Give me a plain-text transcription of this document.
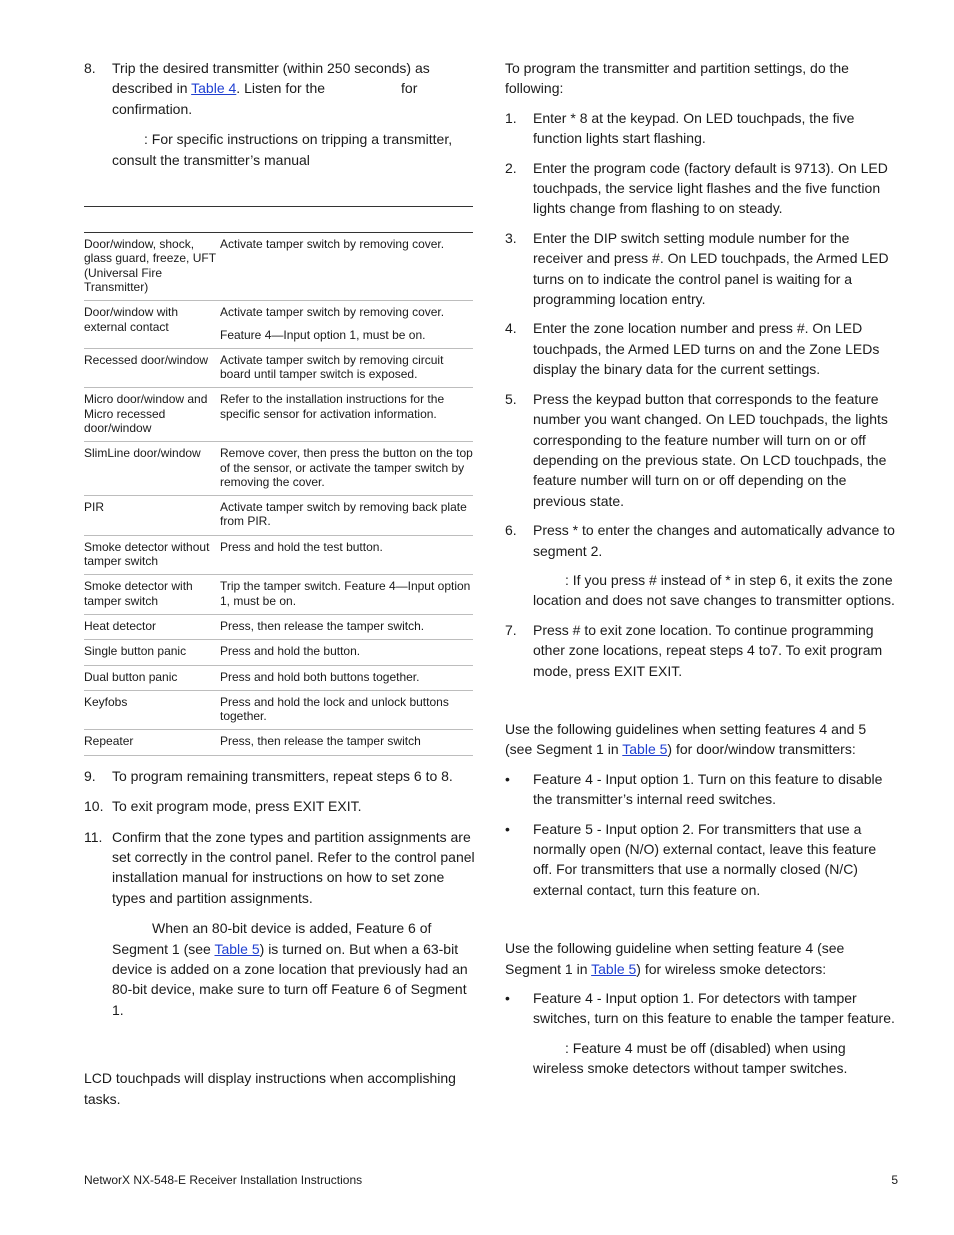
8. Trip the desired transmitter (within 250 seconds) as
described in Table 4. Listen for the	for
confirmation.

: For specific instructions on tripping a transmitter, consult the transmitter’s manual

Door/window, shock, glass guard, freeze, UFT (Universal Fire Transmitter)	Activate tamper switch by removing cover.
Door/window with external contact	Activate tamper switch by removing cover.
Feature 4—Input option 1, must be on.

Recessed door/window	Activate tamper switch by removing circuit board until tamper switch is exposed.
Micro door/window and Micro recessed door/window	Refer to the installation instructions for the specific sensor for activation information.
SlimLine door/window	Remove cover, then press the button on the top of the sensor, or activate the tamper switch by removing the cover.
PIR	Activate tamper switch by removing back plate from PIR.
Smoke detector without tamper switch	Press and hold the test button.
Smoke detector with tamper switch	Trip the tamper switch. Feature 4—Input option 1, must be on.
Heat detector	Press, then release the tamper switch.
Single button panic	Press and hold the button.
Dual button panic	Press and hold both buttons together.
Keyfobs	Press and hold the lock and unlock buttons together.
Repeater	Press, then release the tamper switch
9. To program remaining transmitters, repeat steps 6 to 8.
10. To exit program mode, press EXIT EXIT.
11. Confirm that the zone types and partition assignments are set correctly in the control panel. Refer to the control panel installation manual for instructions on how to set zone types and partition assignments.

When an 80-bit device is added, Feature 6 of Segment 1 (see Table 5) is turned on. But when a 63-bit device is added on a zone location that previously had an 80-bit device, make sure to turn off Feature 6 of Segment 1.

LCD touchpads will display instructions when accomplishing tasks.

To program the transmitter and partition settings, do the following:

1. Enter * 8 at the keypad. On LED touchpads, the five function lights start flashing.
2. Enter the program code (factory default is 9713). On LED touchpads, the service light flashes and the five function lights change from flashing to on steady.
3. Enter the DIP switch setting module number for the receiver and press #. On LED touchpads, the Armed LED turns on to indicate the control panel is waiting for a programming location entry.
4. Enter the zone location number and press #. On LED touchpads, the Armed LED turns on and the Zone LEDs display the binary data for the current settings.
5. Press the keypad button that corresponds to the feature number you want changed. On LED touchpads, the lights corresponding to the feature number will turn on or off depending on the previous state. On LCD touchpads, the feature number will turn on or off depending on the previous state.
6. Press * to enter the changes and automatically advance to segment 2.

: If you press # instead of * in step 6, it exits the zone location and does not save changes to transmitter options.

7. Press # to exit zone location. To continue programming other zone locations, repeat steps 4 to7. To exit program mode, press EXIT EXIT.

Use the following guidelines when setting features 4 and 5 (see Segment 1 in Table 5) for door/window transmitters:

• Feature 4 - Input option 1. Turn on this feature to disable the transmitter’s internal reed switches.
• Feature 5 - Input option 2. For transmitters that use a normally open (N/O) external contact, leave this feature off. For transmitters that use a normally closed (N/C) external contact, turn this feature on.

Use the following guideline when setting feature 4 (see Segment 1 in Table 5) for wireless smoke detectors:

• Feature 4 - Input option 1. For detectors with tamper switches, turn on this feature to enable the tamper feature.

: Feature 4 must be off (disabled) when using wireless smoke detectors without tamper switches.

NetworX NX-548-E Receiver Installation Instructions	5
